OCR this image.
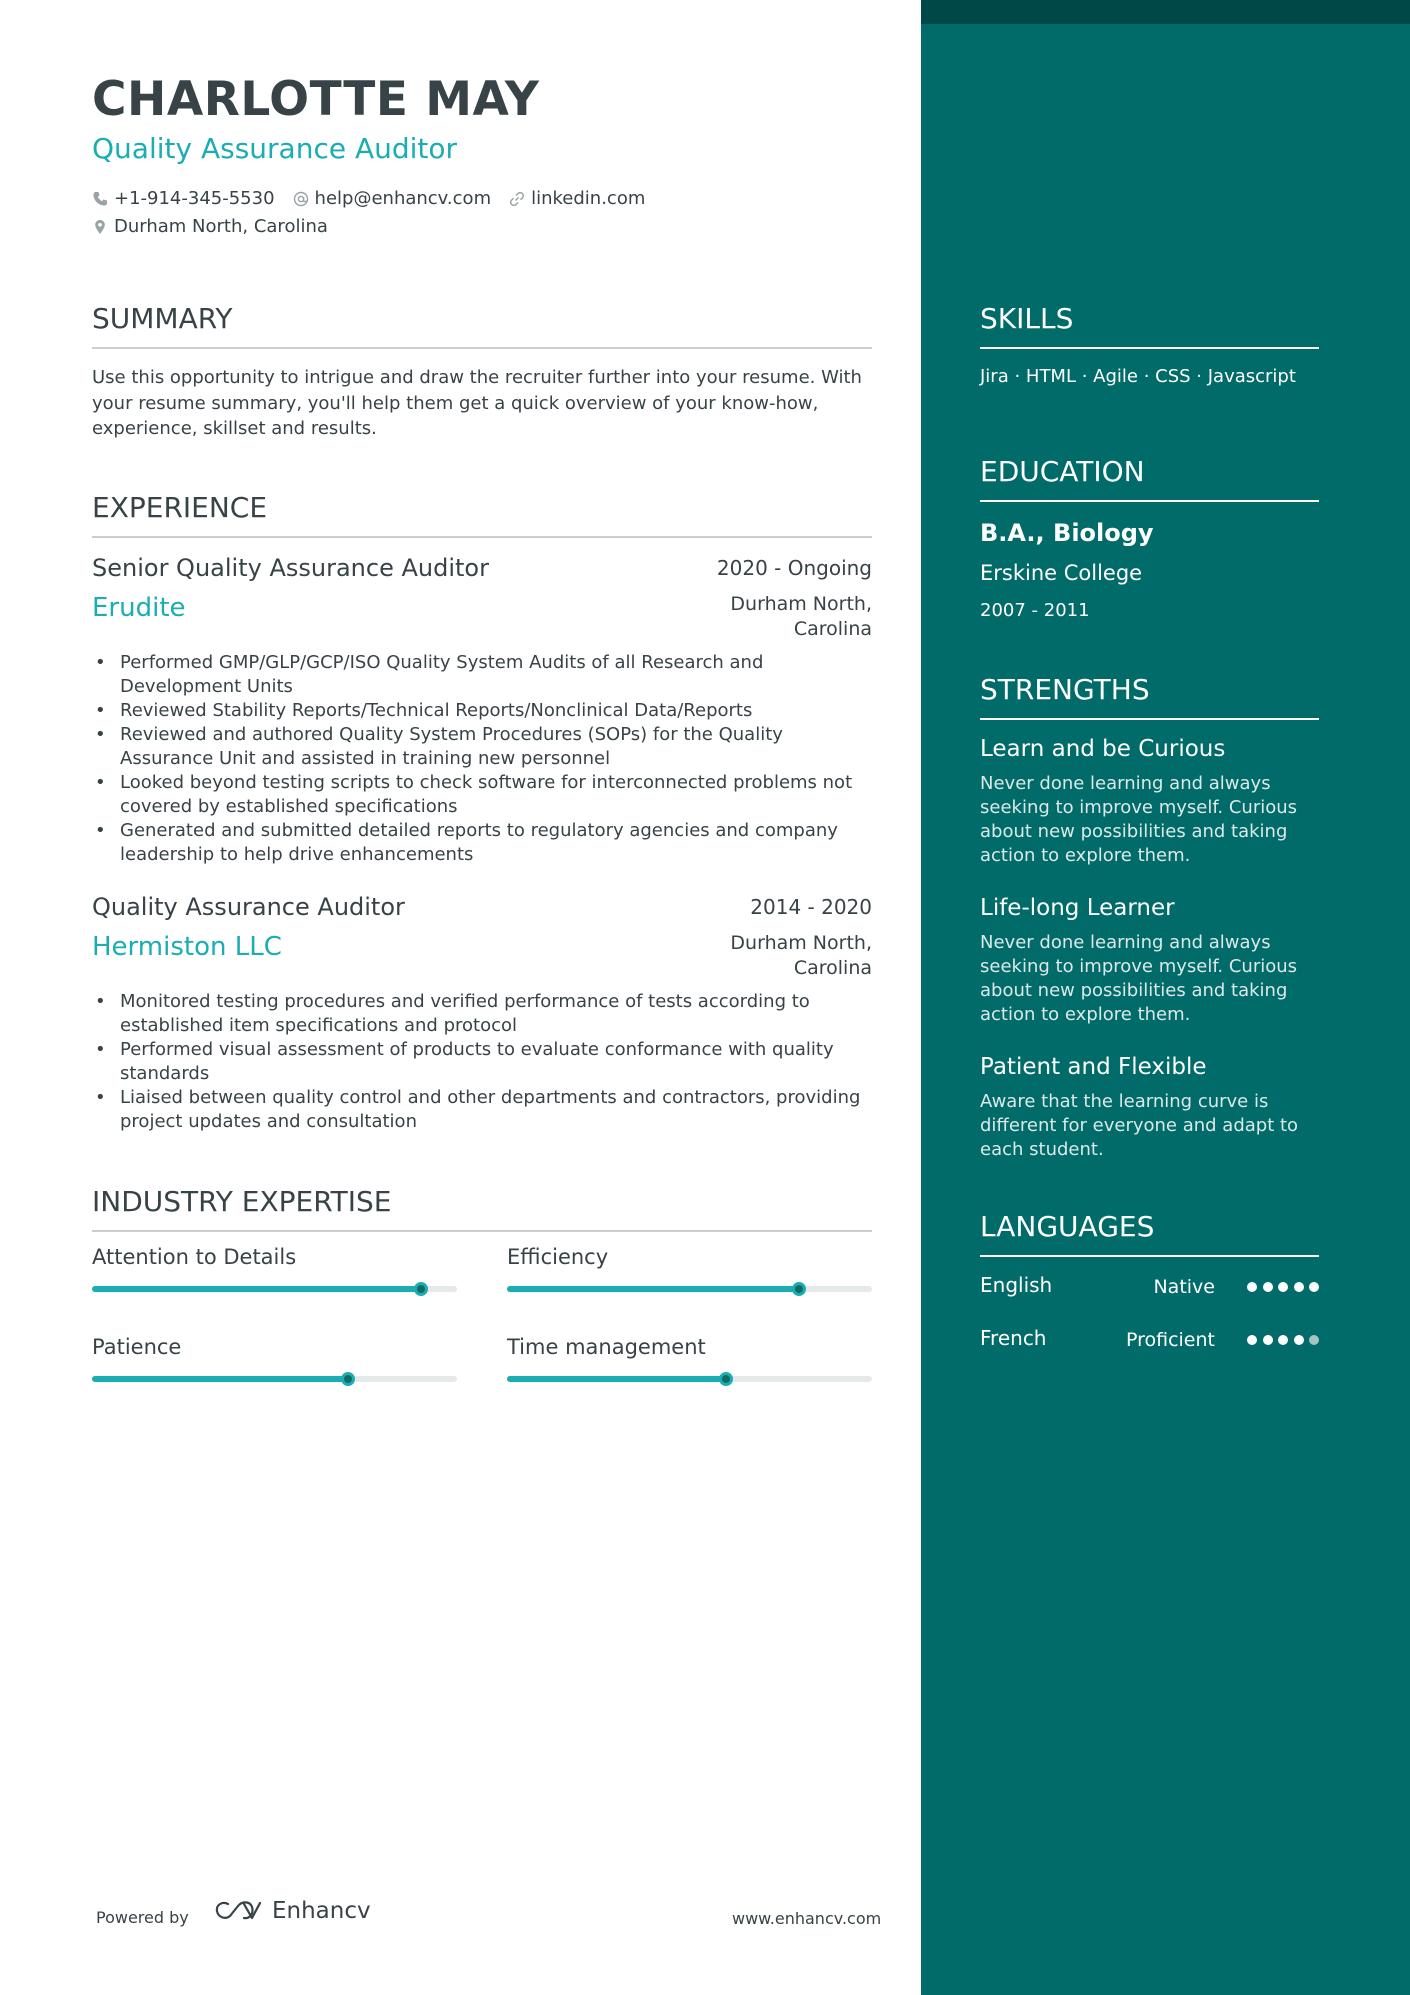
CHARLOTTE MAY
Quality Assurance Auditor
+1-914-345-5530 help@enhancv.com linkedin.com
Durham North, Carolina
SUMMARY
Use this opportunity to intrigue and draw the recruiter further into your resume. With your resume summary, you'll help them get a quick overview of your know-how, experience, skillset and results.
EXPERIENCE
Senior Quality Assurance Auditor	2020 - Ongoing
Erudite	Durham North,
Carolina
• Performed GMP/GLP/GCP/ISO Quality System Audits of all Research and Development Units
• Reviewed Stability Reports/Technical Reports/Nonclinical Data/Reports
• Reviewed and authored Quality System Procedures (SOPs) for the Quality Assurance Unit and assisted in training new personnel
• Looked beyond testing scripts to check software for interconnected problems not covered by established specifications
• Generated and submitted detailed reports to regulatory agencies and company leadership to help drive enhancements
Quality Assurance Auditor	2014 - 2020
Hermiston LLC	Durham North,
Carolina
• Monitored testing procedures and verified performance of tests according to established item specifications and protocol
• Performed visual assessment of products to evaluate conformance with quality standards
• Liaised between quality control and other departments and contractors, providing project updates and consultation
INDUSTRY EXPERTISE
Attention to Details	Efficiency
Patience	Time management
Powered by	Enhancv	www.enhancv.com
SKILLS
Jira · HTML · Agile · CSS · Javascript
EDUCATION
B.A., Biology
Erskine College
2007 - 2011
STRENGTHS
Learn and be Curious
Never done learning and always seeking to improve myself. Curious about new possibilities and taking action to explore them.
Life-long Learner
Never done learning and always seeking to improve myself. Curious about new possibilities and taking action to explore them.
Patient and Flexible
Aware that the learning curve is different for everyone and adapt to each student.
LANGUAGES
English	Native
French	Proficient
